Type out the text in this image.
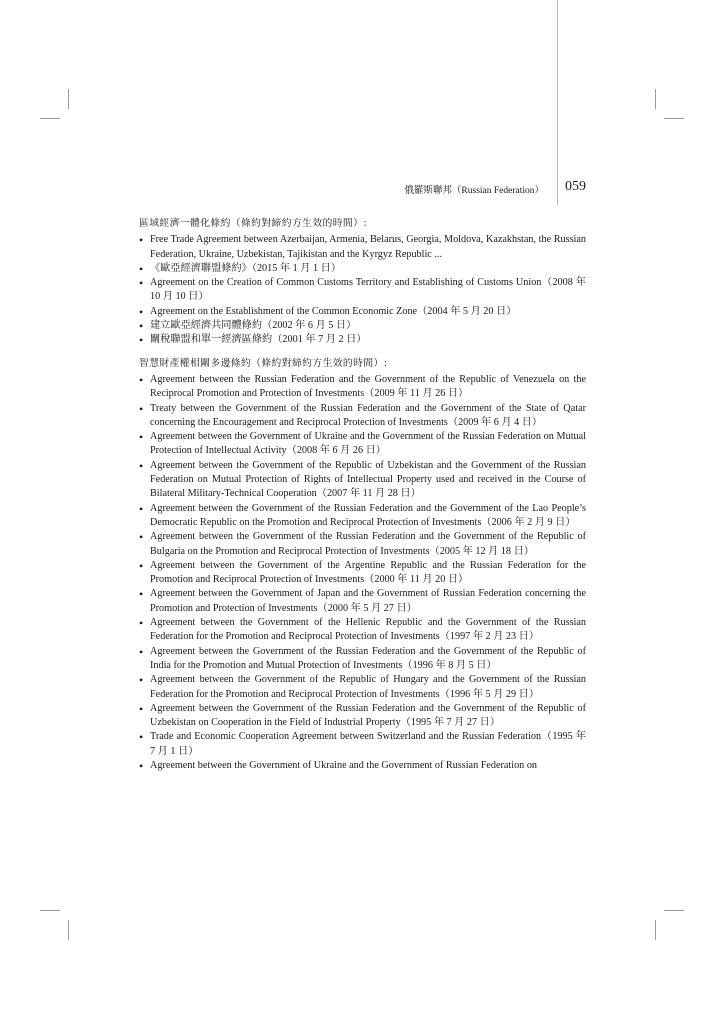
俄羅斯聯邦（Russian Federation） 059

區域經濟一體化條約（條約對締約方生效的時間）:

• Free Trade Agreement between Azerbaijan, Armenia, Belarus, Georgia, Moldova, Kazakhstan, the Russian Federation, Ukraine, Uzbekistan, Tajikistan and the Kyrgyz Republic ...
• 《歐亞經濟聯盟條約》（2015 年 1 月 1 日）
• Agreement on the Creation of Common Customs Territory and Establishing of Customs Union（2008 年 10 月 10 日）
• Agreement on the Establishment of the Common Economic Zone（2004 年 5 月 20 日）
• 建立歐亞經濟共同體條約（2002 年 6 月 5 日）
• 關稅聯盟和單一經濟區條約（2001 年 7 月 2 日）

智慧財產權相關多邊條約（條約對締約方生效的時間）:

• Agreement between the Russian Federation and the Government of the Republic of Venezuela on the Reciprocal Promotion and Protection of Investments（2009 年 11 月 26 日）
• Treaty between the Government of the Russian Federation and the Government of the State of Qatar concerning the Encouragement and Reciprocal Protection of Investments（2009 年 6 月 4 日）
• Agreement between the Government of Ukraine and the Government of the Russian Federation on Mutual Protection of Intellectual Activity（2008 年 6 月 26 日）
• Agreement between the Government of the Republic of Uzbekistan and the Government of the Russian Federation on Mutual Protection of Rights of Intellectual Property used and received in the Course of Bilateral Military-Technical Cooperation（2007 年 11 月 28 日）
• Agreement between the Government of the Russian Federation and the Government of the Lao People’s Democratic Republic on the Promotion and Reciprocal Protection of Investments（2006 年 2 月 9 日）
• Agreement between the Government of the Russian Federation and the Government of the Republic of Bulgaria on the Promotion and Reciprocal Protection of Investments（2005 年 12 月 18 日）
• Agreement between the Government of the Argentine Republic and the Russian Federation for the Promotion and Reciprocal Protection of Investments（2000 年 11 月 20 日）
• Agreement between the Government of Japan and the Government of Russian Federation concerning the Promotion and Protection of Investments（2000 年 5 月 27 日）
• Agreement between the Government of the Hellenic Republic and the Government of the Russian Federation for the Promotion and Reciprocal Protection of Investments（1997 年 2 月 23 日）
• Agreement between the Government of the Russian Federation and the Government of the Republic of India for the Promotion and Mutual Protection of Investments（1996 年 8 月 5 日）
• Agreement between the Government of the Republic of Hungary and the Government of the Russian Federation for the Promotion and Reciprocal Protection of Investments（1996 年 5 月 29 日）
• Agreement between the Government of the Russian Federation and the Government of the Republic of Uzbekistan on Cooperation in the Field of Industrial Property（1995 年 7 月 27 日）
• Trade and Economic Cooperation Agreement between Switzerland and the Russian Federation（1995 年 7 月 1 日）
• Agreement between the Government of Ukraine and the Government of Russian Federation on
